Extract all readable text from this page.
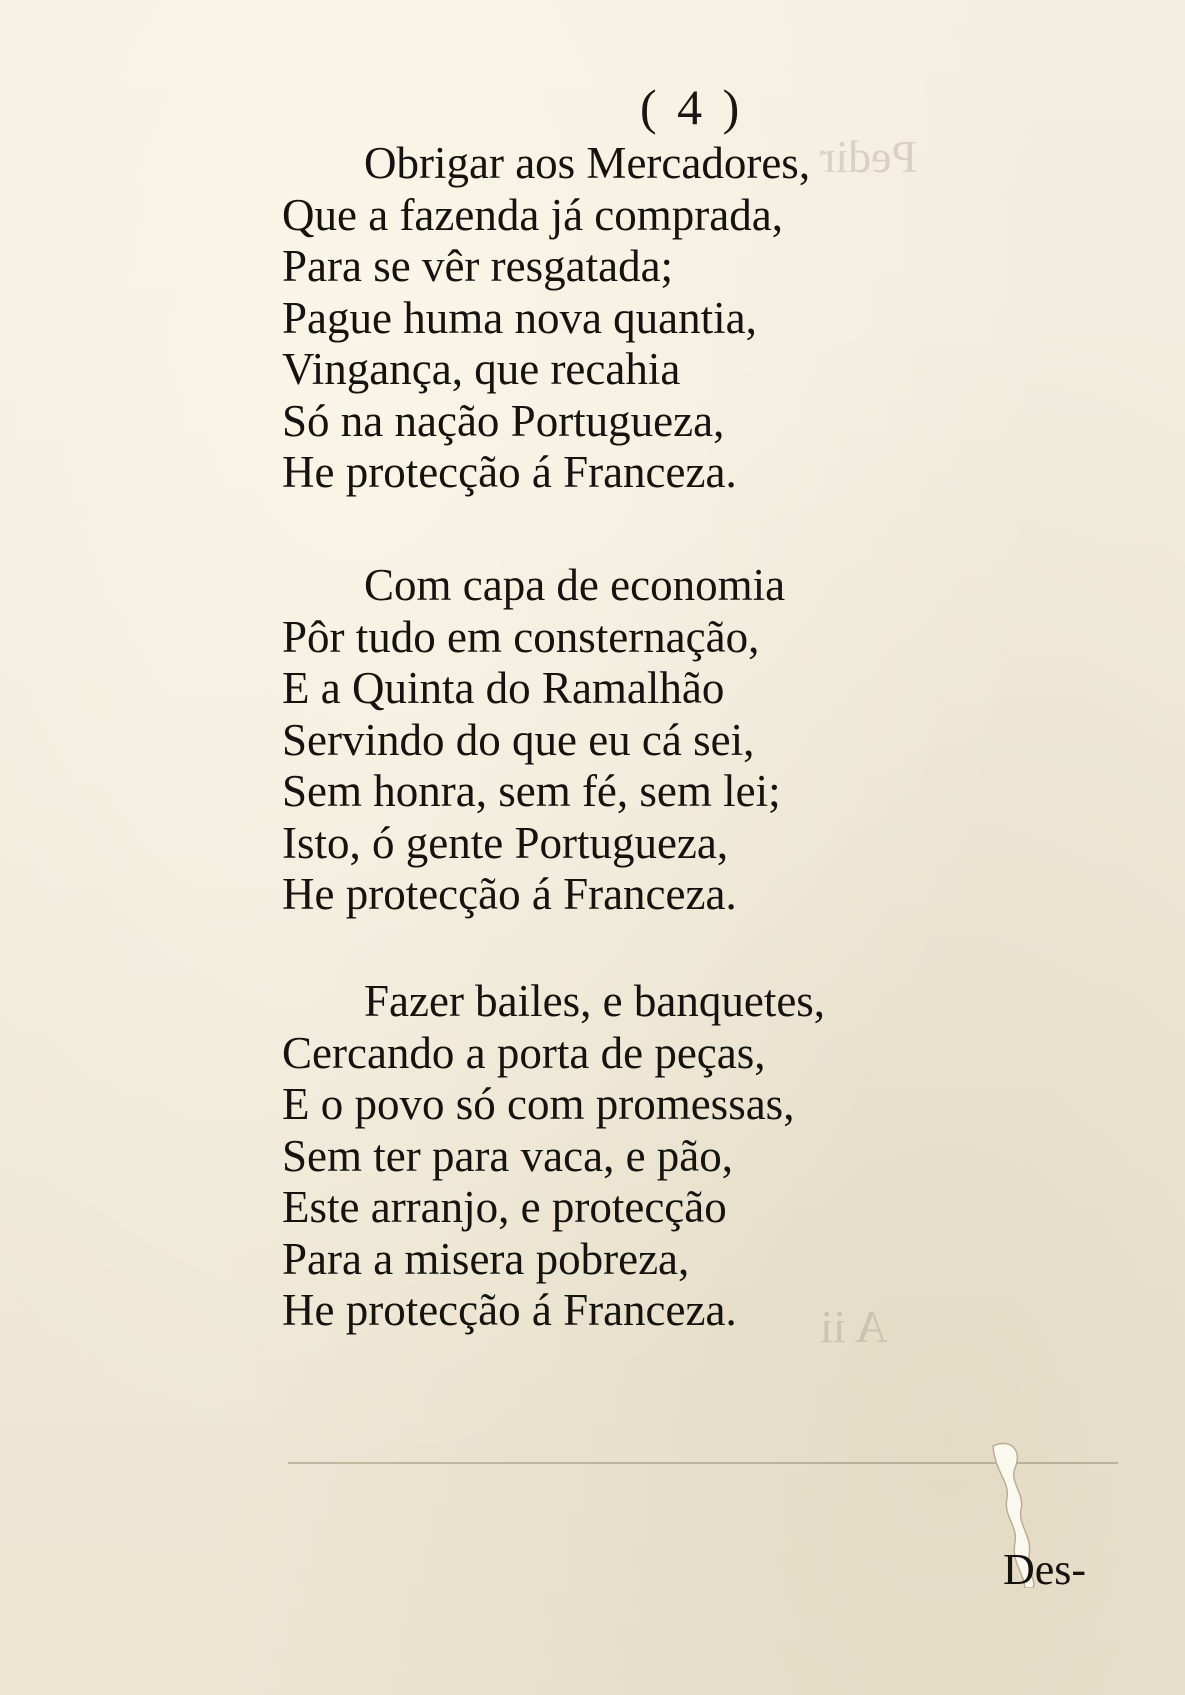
Pedir
A ii
( 4 )
Obrigar aos Mercadores,
Que a fazenda já comprada,
Para se vêr resgatada;
Pague huma nova quantia,
Vingança, que recahia
Só na nação Portugueza,
He protecção á Franceza.
Com capa de economia
Pôr tudo em consternação,
E a Quinta do Ramalhão
Servindo do que eu cá sei,
Sem honra, sem fé, sem lei;
Isto, ó gente Portugueza,
He protecção á Franceza.
Fazer bailes, e banquetes,
Cercando a porta de peças,
E o povo só com promessas,
Sem ter para vaca, e pão,
Este arranjo, e protecção
Para a misera pobreza,
He protecção á Franceza.
Des-
